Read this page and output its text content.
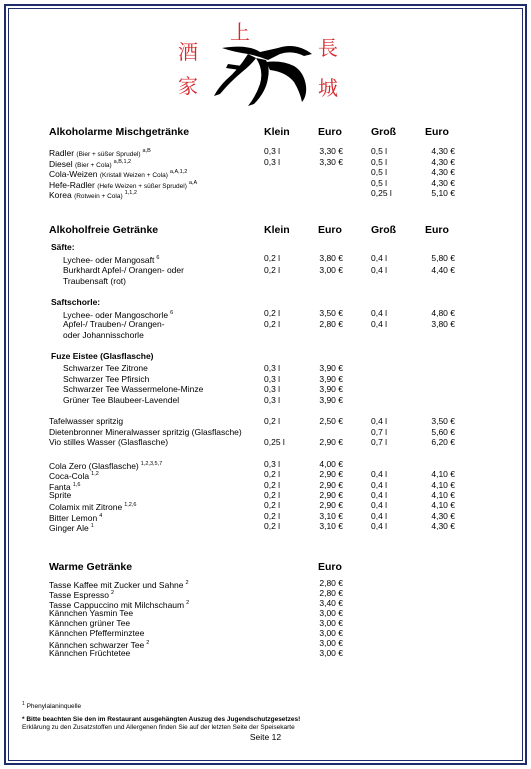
酒
家
上
長
城
Alkoholarme Mischgetränke	Klein	Euro	Groß	Euro
Radler (Bier + süßer Sprudel) $^{a,B}$	0,3 l	3,30 €	0,5 l	4,30 €
Diesel (Bier + Cola) $^{a,B,1,2}$	0,3 l	3,30 €	0,5 l	4,30 €
Cola-Weizen (Kristall Weizen + Cola) $^{a,A,1,2}$	0,5 l	4,30 €
Hefe-Radler (Hefe Weizen + süßer Sprudel) $^{a,A}$	0,5 l	4,30 €
Korea (Rotwein + Cola) $^{1,1,2}$	0,25 l	5,10 €
Alkoholfreie Getränke	Klein	Euro	Groß	Euro
Säfte:
Saftschorle:
Fuze Eistee (Glasflasche)
Lychee- oder Mangosaft $^6$	0,2 l	3,80 €	0,4 l	5,80 €
Burkhardt Apfel-/ Orangen- oder	0,2 l	3,00 €	0,4 l	4,40 €
Traubensaft (rot)
Lychee- oder Mangoschorle $^6$	0,2 l	3,50 €	0,4 l	4,80 €
Apfel-/ Trauben-/ Orangen-	0,2 l	2,80 €	0,4 l	3,80 €
oder Johannisschorle
Schwarzer Tee Zitrone	0,3 l	3,90 €
Schwarzer Tee Pfirsich	0,3 l	3,90 €
Schwarzer Tee Wassermelone-Minze	0,3 l	3,90 €
Grüner Tee Blaubeer-Lavendel	0,3 l	3,90 €
Tafelwasser spritzig	0,2 l	2,50 €	0,4 l	3,50 €
Dietenbronner Mineralwasser spritzig (Glasflasche)	0,7 l	5,60 €
Vio stilles Wasser (Glasflasche)	0,25 l	2,90 €	0,7 l	6,20 €
Cola Zero (Glasflasche) $^{1,2,3,5,7}$	0,3 l	4,00 €
Coca-Cola $^{1,2}$	0,2 l	2,90 €	0,4 l	4,10 €
Fanta $^{1,6}$	0,2 l	2,90 €	0,4 l	4,10 €
Sprite	0,2 l	2,90 €	0,4 l	4,10 €
Colamix mit Zitrone $^{1,2,6}$	0,2 l	2,90 €	0,4 l	4,10 €
Bitter Lemon $^4$	0,2 l	3,10 €	0,4 l	4,30 €
Ginger Ale $^1$	0,2 l	3,10 €	0,4 l	4,30 €
Tasse Kaffee mit Zucker und Sahne $^2$	2,80 €
Tasse Espresso $^2$	2,80 €
Tasse Cappuccino mit Milchschaum $^2$	3,40 €
Kännchen Yasmin Tee	3,00 €
Kännchen grüner Tee	3,00 €
Kännchen Pfefferminztee	3,00 €
Kännchen schwarzer Tee $^2$	3,00 €
Kännchen Früchtetee	3,00 €
Warme Getränke	Euro
$^1$ Phenylalaninquelle
* Bitte beachten Sie den im Restaurant ausgehängten Auszug des Jugendschutzgesetzes!
Erklärung zu den Zusatzstoffen und Allergenen finden Sie auf der letzten Seite der Speisekarte
Seite 12
